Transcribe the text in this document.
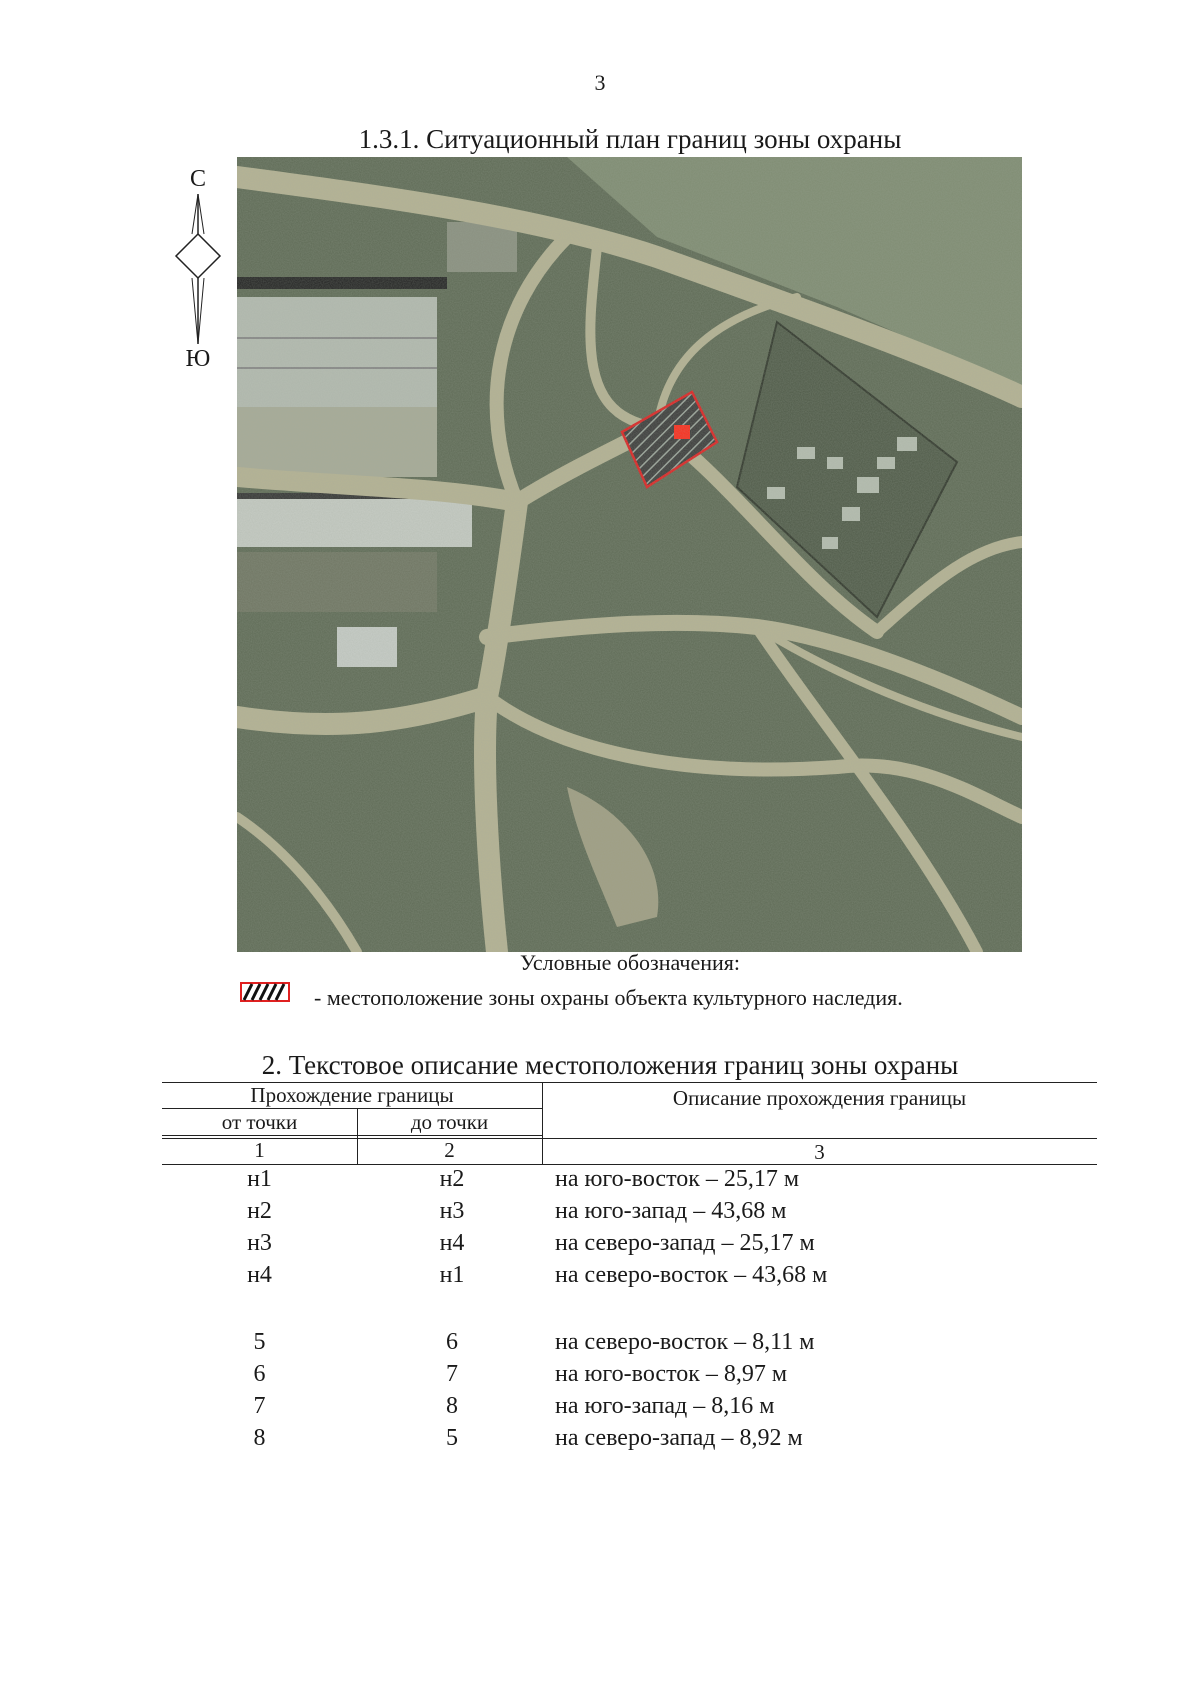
3
1.3.1. Ситуационный план границ зоны охраны
С
Ю
Условные обозначения:
- местоположение зоны охраны объекта культурного наследия.
2. Текстовое описание местоположения границ зоны охраны
Прохождение границы	Описание прохождения границы
от точки	до точки
1	2	3
н1	н2	на юго-восток – 25,17 м
н2	н3	на юго-запад – 43,68 м
н3	н4	на северо-запад – 25,17 м
н4	н1	на северо-восток – 43,68 м
5	6	на северо-восток – 8,11 м
6	7	на юго-восток – 8,97 м
7	8	на юго-запад – 8,16 м
8	5	на северо-запад – 8,92 м
